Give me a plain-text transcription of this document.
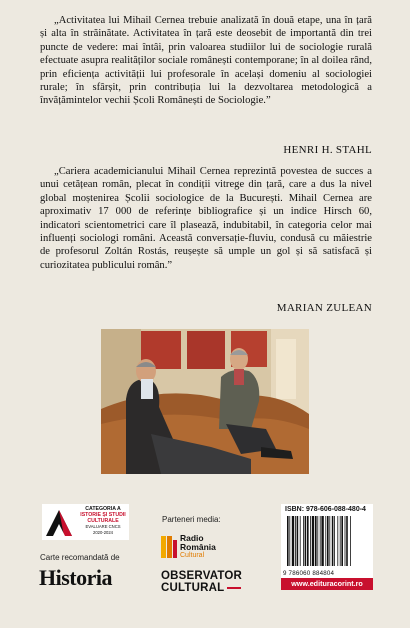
„Activitatea lui Mihail Cernea trebuie analizată în două etape, una în țară și alta în străinătate. Activitatea în țară este deosebit de importantă din trei puncte de vedere: mai întâi, prin valoarea studiilor lui de sociologie rurală efectuate asupra realităților sociale românești contemporane; în al doilea rând, prin eficiența activității lui profesorale în același domeniu al sociologiei rurale; în sfârșit, prin contribuția lui la dezvoltarea metodologică a învățămintelor vechii Școli Românești de Sociologie.”

HENRI H. STAHL

„Cariera academicianului Mihail Cernea reprezintă povestea de succes a unui cetățean român, plecat în condiții vitrege din țară, care a dus la nivel global moștenirea Școlii sociologice de la București. Mihail Cernea are aproximativ 17 000 de referințe bibliografice și un indice Hirsch 60, indicatori scientometrici care îl plasează, indubitabil, în categoria celor mai influenți sociologi români. Această conversație-fluviu, condusă cu măiestrie de profesorul Zoltán Rostás, reușește să umple un gol și să satisfacă și curiozitatea publicului român.”

MARIAN ZULEAN
CATEGORIA A
ISTORIE ȘI STUDII
CULTURALE
EVALUARE CNCS
2020-2024
Carte recomandată de
Historia
Parteneri media:
Radio
România
Cultural
OBSERVATOR
CULTURAL
ISBN: 978-606-088-480-4
9 786060 884804
www.edituracorint.ro
